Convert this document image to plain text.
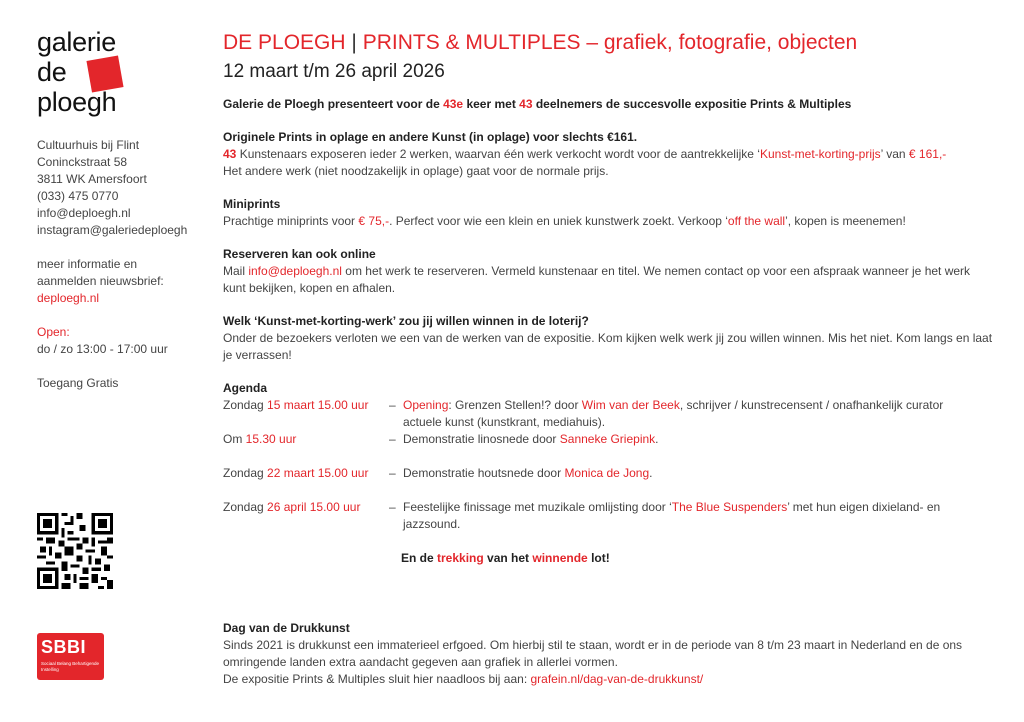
galerie
de
ploegh
Cultuurhuis bij Flint
Coninckstraat 58
3811 WK Amersfoort
(033) 475 0770
info@deploegh.nl
instagram@galeriedeploegh
meer informatie en
aanmelden nieuwsbrief:
deploegh.nl
Open:
do / zo 13:00 - 17:00 uur
Toegang Gratis
SBBI
Sociaal Belang Behartigende Instelling
DE PLOEGH | PRINTS & MULTIPLES – grafiek, fotografie, objecten
12 maart t/m 26 april 2026
Galerie de Ploegh presenteert voor de 43e keer met 43 deelnemers de succesvolle expositie Prints & Multiples
Originele Prints in oplage en andere Kunst (in oplage) voor slechts €161.

43 Kunstenaars exposeren ieder 2 werken, waarvan één werk verkocht wordt voor de aantrekkelijke ‘Kunst-met-korting-prijs’ van € 161,-
Het andere werk (niet noodzakelijk in oplage) gaat voor de normale prijs.

Miniprints

Prachtige miniprints voor € 75,-. Perfect voor wie een klein en uniek kunstwerk zoekt. Verkoop ‘off the wall’, kopen is meenemen!

Reserveren kan ook online

Mail info@deploegh.nl om het werk te reserveren. Vermeld kunstenaar en titel. We nemen contact op voor een afspraak wanneer je het werk kunt bekijken, kopen en afhalen.

Welk ‘Kunst-met-korting-werk’ zou jij willen winnen in de loterij?

Onder de bezoekers verloten we een van de werken van de expositie. Kom kijken welk werk jij zou willen winnen. Mis het niet. Kom langs en laat je verrassen!

Agenda
Zondag 15 maart 15.00 uur	– Opening: Grenzen Stellen!? door Wim van der Beek, schrijver / kunstrecensent / onafhankelijk curator
actuele kunst (kunstkrant, mediahuis).
Om 15.30 uur	– Demonstratie linosnede door Sanneke Griepink.
Zondag 22 maart 15.00 uur	– Demonstratie houtsnede door Monica de Jong.
Zondag 26 april 15.00 uur	– Feestelijke finissage met muzikale omlijsting door ‘The Blue Suspenders’ met hun eigen dixieland- en
jazzsound.
En de trekking van het winnende lot!
Dag van de Drukkunst

Sinds 2021 is drukkunst een immaterieel erfgoed. Om hierbij stil te staan, wordt er in de periode van 8 t/m 23 maart in Nederland en de ons omringende landen extra aandacht gegeven aan grafiek in allerlei vormen.

De expositie Prints & Multiples sluit hier naadloos bij aan: grafein.nl/dag-van-de-drukkunst/
